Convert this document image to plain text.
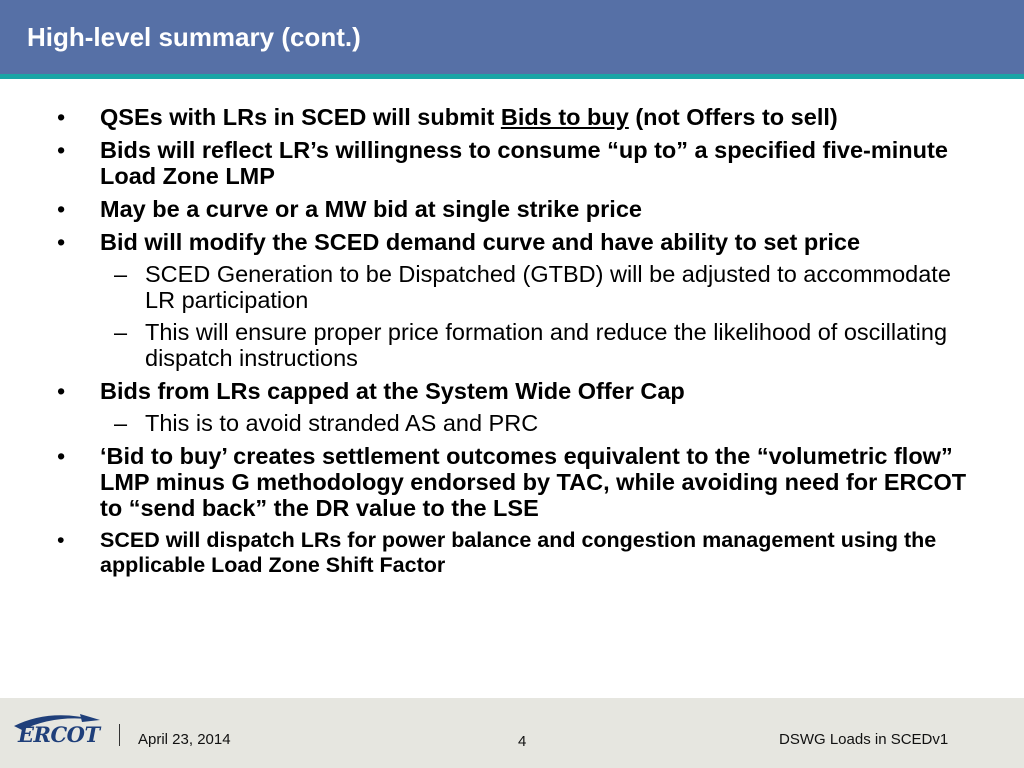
High-level summary (cont.)
• QSEs with LRs in SCED will submit Bids to buy (not Offers to sell)
• Bids will reflect LR’s willingness to consume “up to” a specified five-minute Load Zone LMP
• May be a curve or a MW bid at single strike price
• Bid will modify the SCED demand curve and have ability to set price
– SCED Generation to be Dispatched (GTBD) will be adjusted to accommodate LR participation
– This will ensure proper price formation and reduce the likelihood of oscillating dispatch instructions
• Bids from LRs capped at the System Wide Offer Cap
– This is to avoid stranded AS and PRC
• ‘Bid to buy’ creates settlement outcomes equivalent to the “volumetric flow” LMP minus G methodology endorsed by TAC, while avoiding need for ERCOT to “send back” the DR value to the LSE
• SCED will dispatch LRs for power balance and congestion management using the applicable Load Zone Shift Factor
ERCOT	April 23, 2014	4	DSWG Loads in SCEDv1
